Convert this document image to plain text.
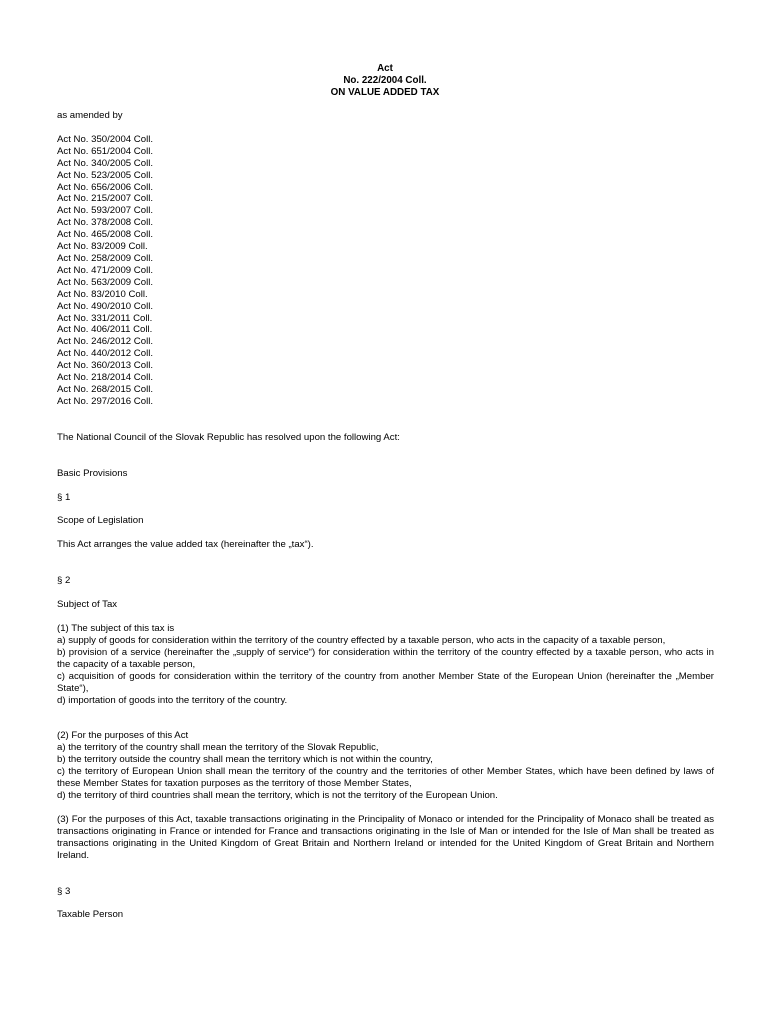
Act
No. 222/2004 Coll.
ON VALUE ADDED TAX
as amended by
Act No. 350/2004 Coll.
Act No. 651/2004 Coll.
Act No. 340/2005 Coll.
Act No. 523/2005 Coll.
Act No. 656/2006 Coll.
Act No. 215/2007 Coll.
Act No. 593/2007 Coll.
Act No. 378/2008 Coll.
Act No. 465/2008 Coll.
Act No. 83/2009 Coll.
Act No. 258/2009 Coll.
Act No. 471/2009 Coll.
Act No. 563/2009 Coll.
Act No. 83/2010 Coll.
Act No. 490/2010 Coll.
Act No. 331/2011 Coll.
Act No. 406/2011 Coll.
Act No. 246/2012 Coll.
Act No. 440/2012 Coll.
Act No. 360/2013 Coll.
Act No. 218/2014 Coll.
Act No. 268/2015 Coll.
Act No. 297/2016 Coll.
The National Council of the Slovak Republic has resolved upon the following Act:
Basic Provisions
§ 1
Scope of Legislation
This Act arranges the value added tax (hereinafter the „tax“).
§ 2
Subject of Tax
(1) The subject of this tax is
a) supply of goods for consideration within the territory of the country effected by a taxable person, who acts in the capacity of a taxable person,
b) provision of a service (hereinafter the „supply of service“) for consideration within the territory of the country effected by a taxable person, who acts in the capacity of a taxable person,
c) acquisition of goods for consideration within the territory of the country from another Member State of the European Union (hereinafter the „Member State“),
d) importation of goods into the territory of the country.
(2) For the purposes of this Act
a) the territory of the country shall mean the territory of the Slovak Republic,
b) the territory outside the country shall mean the territory which is not within the country,
c) the territory of European Union shall mean the territory of the country and the territories of other Member States, which have been defined by laws of these Member States for taxation purposes as the territory of those Member States,
d) the territory of third countries shall mean the territory, which is not the territory of the European Union.
(3) For the purposes of this Act, taxable transactions originating in the Principality of Monaco or intended for the Principality of Monaco shall be treated as transactions originating in France or intended for France and transactions originating in the Isle of Man or intended for the Isle of Man shall be treated as transactions originating in the United Kingdom of Great Britain and Northern Ireland or intended for the United Kingdom of Great Britain and Northern Ireland.
§ 3
Taxable Person
